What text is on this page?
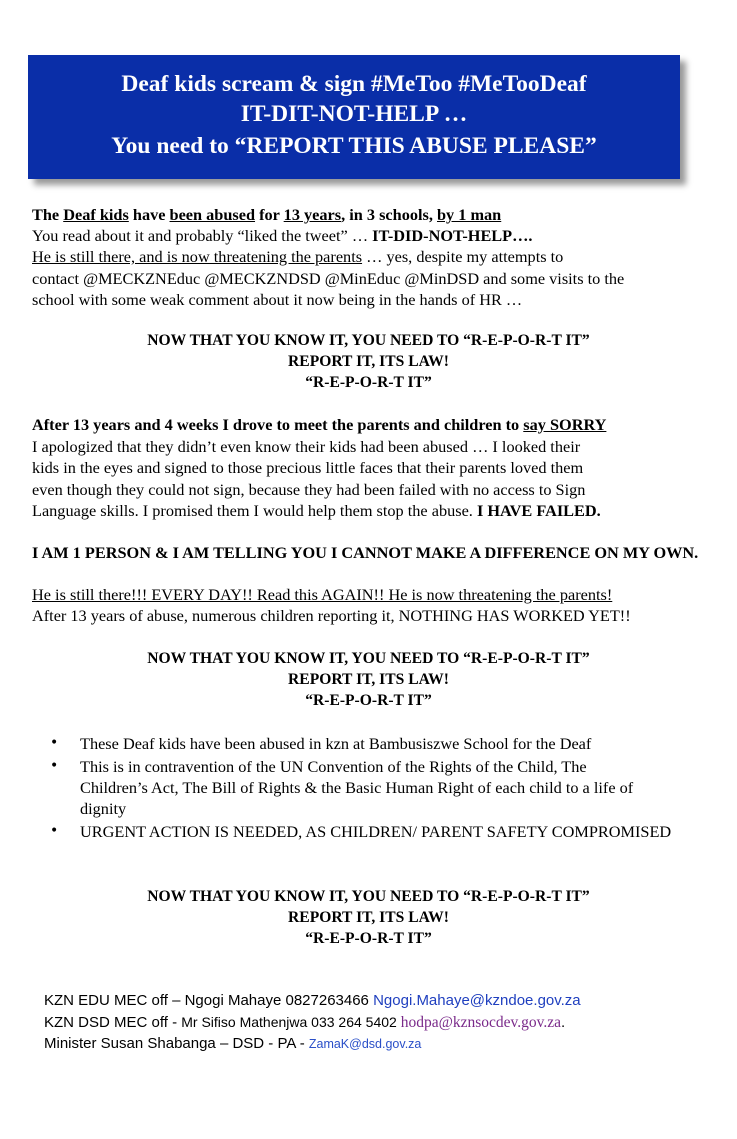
Deaf kids scream & sign #MeToo #MeTooDeaf
IT-DIT-NOT-HELP …
You need to “REPORT THIS ABUSE PLEASE”
The Deaf kids have been abused for 13 years, in 3 schools, by 1 man
You read about it and probably “liked the tweet” … IT-DID-NOT-HELP….
He is still there, and is now threatening the parents … yes, despite my attempts to
contact @MECKZNEduc @MECKZNDSD @MinEduc @MinDSD and some visits to the
school with some weak comment about it now being in the hands of HR …
NOW THAT YOU KNOW IT, YOU NEED TO “R-E-P-O-R-T IT”
REPORT IT, ITS LAW!
“R-E-P-O-R-T IT”
After 13 years and 4 weeks I drove to meet the parents and children to say SORRY
I apologized that they didn’t even know their kids had been abused … I looked their
kids in the eyes and signed to those precious little faces that their parents loved them
even though they could not sign, because they had been failed with no access to Sign
Language skills. I promised them I would help them stop the abuse. I HAVE FAILED.
I AM 1 PERSON & I AM TELLING YOU I CANNOT MAKE A DIFFERENCE ON MY OWN.
He is still there!!! EVERY DAY!! Read this AGAIN!! He is now threatening the parents!
After 13 years of abuse, numerous children reporting it, NOTHING HAS WORKED YET!!
NOW THAT YOU KNOW IT, YOU NEED TO “R-E-P-O-R-T IT”
REPORT IT, ITS LAW!
“R-E-P-O-R-T IT”
• These Deaf kids have been abused in kzn at Bambusiszwe School for the Deaf
• This is in contravention of the UN Convention of the Rights of the Child, The
Children’s Act, The Bill of Rights & the Basic Human Right of each child to a life of
dignity
• URGENT ACTION IS NEEDED, AS CHILDREN/ PARENT SAFETY COMPROMISED
NOW THAT YOU KNOW IT, YOU NEED TO “R-E-P-O-R-T IT”
REPORT IT, ITS LAW!
“R-E-P-O-R-T IT”
KZN EDU MEC off – Ngogi Mahaye 0827263466 Ngogi.Mahaye@kzndoe.gov.za
KZN DSD MEC off - Mr Sifiso Mathenjwa 033 264 5402 hodpa@kznsocdev.gov.za.
Minister Susan Shabanga – DSD - PA - ZamaK@dsd.gov.za
